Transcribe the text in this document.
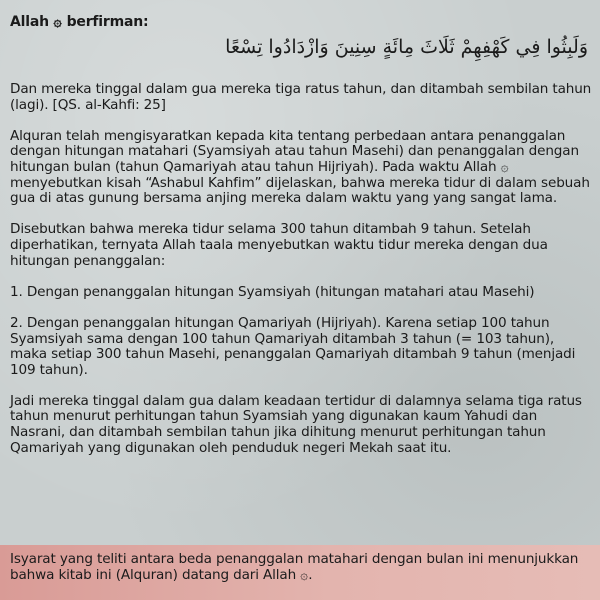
Allah ۞ berfirman:
وَلَبِثُوا فِي كَهْفِهِمْ ثَلَاثَ مِائَةٍ سِنِينَ وَازْدَادُوا تِسْعًا

Dan mereka tinggal dalam gua mereka tiga ratus tahun, dan ditambah sembilan tahun (lagi). [QS. al-Kahfi: 25]

Alquran telah mengisyaratkan kepada kita tentang perbedaan antara penanggalan dengan hitungan matahari (Syamsiyah atau tahun Masehi) dan penanggalan dengan hitungan bulan (tahun Qamariyah atau tahun Hijriyah). Pada waktu Allah ۞ menyebutkan kisah “Ashabul Kahfim” dijelaskan, bahwa mereka tidur di dalam sebuah gua di atas gunung bersama anjing mereka dalam waktu yang yang sangat lama.

Disebutkan bahwa mereka tidur selama 300 tahun ditambah 9 tahun. Setelah diperhatikan, ternyata Allah taala menyebutkan waktu tidur mereka dengan dua hitungan penanggalan:

1. Dengan penanggalan hitungan Syamsiyah (hitungan matahari atau Masehi)

2. Dengan penanggalan hitungan Qamariyah (Hijriyah). Karena setiap 100 tahun Syamsiyah sama dengan 100 tahun Qamariyah ditambah 3 tahun (= 103 tahun), maka setiap 300 tahun Masehi, penanggalan Qamariyah ditambah 9 tahun (menjadi 109 tahun).

Jadi mereka tinggal dalam gua dalam keadaan tertidur di dalamnya selama tiga ratus tahun menurut perhitungan tahun Syamsiah yang digunakan kaum Yahudi dan Nasrani, dan ditambah sembilan tahun jika dihitung menurut perhitungan tahun Qamariyah yang digunakan oleh penduduk negeri Mekah saat itu.

Isyarat yang teliti antara beda penanggalan matahari dengan bulan ini menunjukkan bahwa kitab ini (Alquran) datang dari Allah ۞.
